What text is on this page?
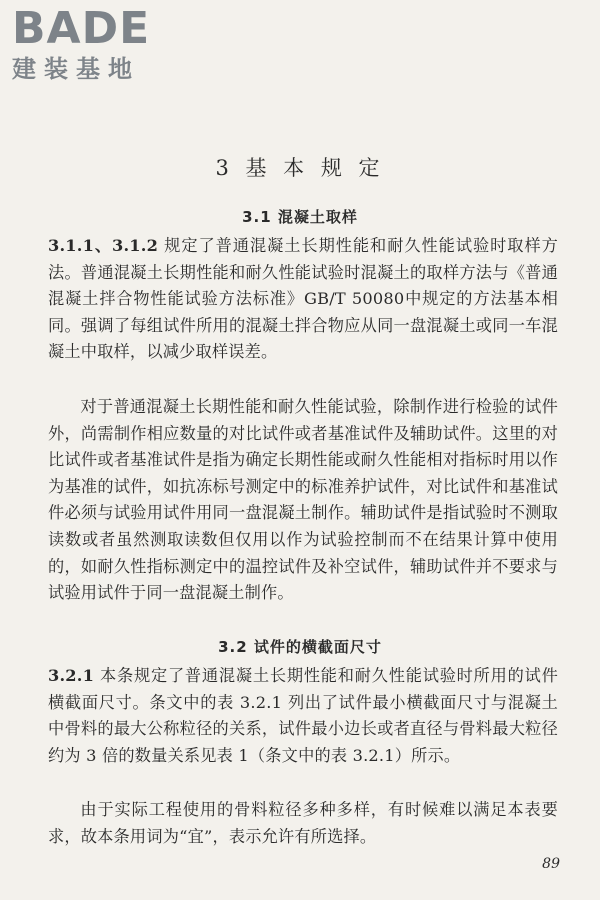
BADE
建装基地
3 基 本 规 定
3.1 混凝土取样
3.1.1、3.1.2 规定了普通混凝土长期性能和耐久性能试验时取样方法。普通混凝土长期性能和耐久性能试验时混凝土的取样方法与《普通混凝土拌合物性能试验方法标准》GB/T 50080中规定的方法基本相同。强调了每组试件所用的混凝土拌合物应从同一盘混凝土或同一车混凝土中取样，以减少取样误差。
对于普通混凝土长期性能和耐久性能试验，除制作进行检验的试件外，尚需制作相应数量的对比试件或者基准试件及辅助试件。这里的对比试件或者基准试件是指为确定长期性能或耐久性能相对指标时用以作为基准的试件，如抗冻标号测定中的标准养护试件，对比试件和基准试件必须与试验用试件用同一盘混凝土制作。辅助试件是指试验时不测取读数或者虽然测取读数但仅用以作为试验控制而不在结果计算中使用的，如耐久性指标测定中的温控试件及补空试件，辅助试件并不要求与试验用试件于同一盘混凝土制作。
3.2 试件的横截面尺寸
3.2.1 本条规定了普通混凝土长期性能和耐久性能试验时所用的试件横截面尺寸。条文中的表 3.2.1 列出了试件最小横截面尺寸与混凝土中骨料的最大公称粒径的关系，试件最小边长或者直径与骨料最大粒径约为 3 倍的数量关系见表 1（条文中的表 3.2.1）所示。
由于实际工程使用的骨料粒径多种多样，有时候难以满足本表要求，故本条用词为“宜”，表示允许有所选择。
89
